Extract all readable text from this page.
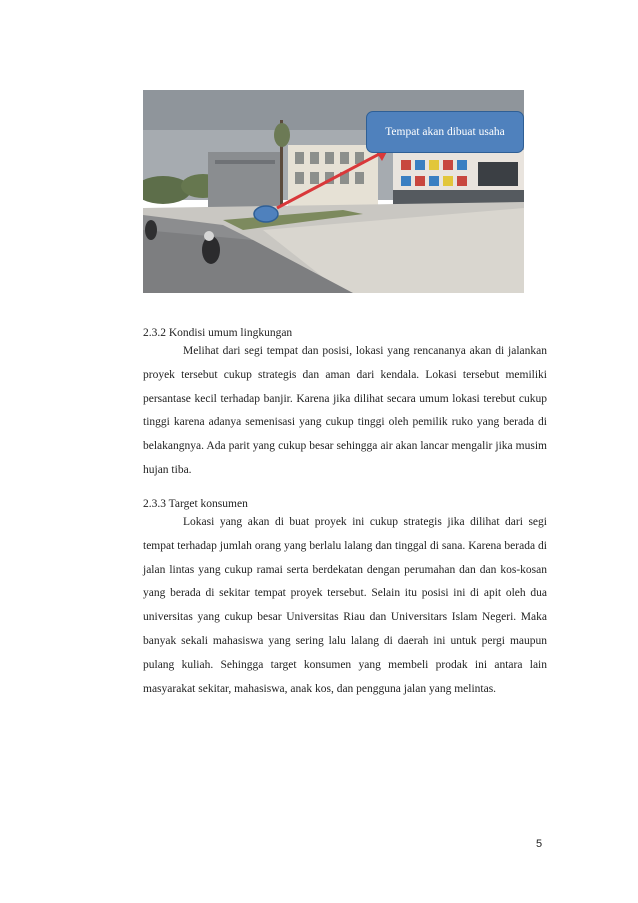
Tempat akan dibuat usaha

2.3.2 Kondisi umum lingkungan

Melihat dari segi tempat dan posisi, lokasi yang rencananya akan di jalankan proyek tersebut cukup strategis dan aman dari kendala. Lokasi tersebut memiliki persantase kecil terhadap banjir. Karena jika dilihat secara umum lokasi terebut cukup tinggi karena adanya semenisasi yang cukup tinggi oleh pemilik ruko yang berada di belakangnya. Ada parit yang cukup besar sehingga air akan lancar mengalir jika musim hujan tiba.

2.3.3 Target konsumen

Lokasi yang akan di buat proyek ini cukup strategis jika dilihat dari segi tempat terhadap jumlah orang yang berlalu lalang dan tinggal di sana. Karena berada di jalan lintas yang cukup ramai serta berdekatan dengan perumahan dan dan kos-kosan yang berada di sekitar tempat proyek tersebut. Selain itu posisi ini di apit oleh dua universitas yang cukup besar Universitas Riau dan Universitars Islam Negeri. Maka banyak sekali mahasiswa yang sering lalu lalang di daerah ini untuk pergi maupun pulang kuliah. Sehingga target konsumen yang membeli prodak ini antara lain masyarakat sekitar, mahasiswa, anak kos, dan pengguna jalan yang melintas.

5
